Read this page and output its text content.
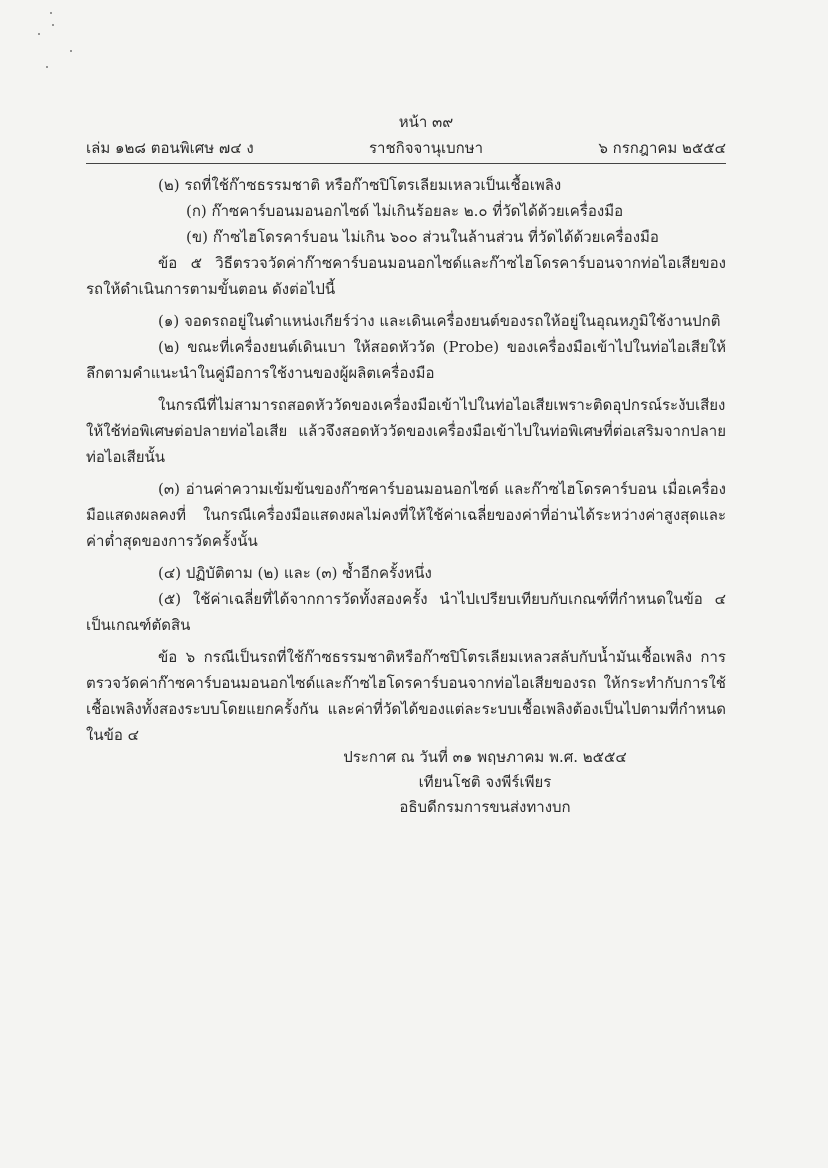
หน้า ๓๙
เล่ม ๑๒๘ ตอนพิเศษ ๗๔ ง	ราชกิจจานุเบกษา	๖ กรกฎาคม ๒๕๕๔

(๒) รถที่ใช้ก๊าซธรรมชาติ หรือก๊าซปิโตรเลียมเหลวเป็นเชื้อเพลิง

(ก) ก๊าซคาร์บอนมอนอกไซด์ ไม่เกินร้อยละ ๒.๐ ที่วัดได้ด้วยเครื่องมือ

(ข) ก๊าซไฮโดรคาร์บอน ไม่เกิน ๖๐๐ ส่วนในล้านส่วน ที่วัดได้ด้วยเครื่องมือ

ข้อ ๕ วิธีตรวจวัดค่าก๊าซคาร์บอนมอนอกไซด์และก๊าซไฮโดรคาร์บอนจากท่อไอเสียของรถให้ดำเนินการตามขั้นตอน ดังต่อไปนี้

(๑) จอดรถอยู่ในตำแหน่งเกียร์ว่าง และเดินเครื่องยนต์ของรถให้อยู่ในอุณหภูมิใช้งานปกติ

(๒) ขณะที่เครื่องยนต์เดินเบา ให้สอดหัววัด (Probe) ของเครื่องมือเข้าไปในท่อไอเสียให้ลึกตามคำแนะนำในคู่มือการใช้งานของผู้ผลิตเครื่องมือ

ในกรณีที่ไม่สามารถสอดหัววัดของเครื่องมือเข้าไปในท่อไอเสียเพราะติดอุปกรณ์ระงับเสียงให้ใช้ท่อพิเศษต่อปลายท่อไอเสีย แล้วจึงสอดหัววัดของเครื่องมือเข้าไปในท่อพิเศษที่ต่อเสริมจากปลายท่อไอเสียนั้น

(๓) อ่านค่าความเข้มข้นของก๊าซคาร์บอนมอนอกไซด์ และก๊าซไฮโดรคาร์บอน เมื่อเครื่องมือแสดงผลคงที่ ในกรณีเครื่องมือแสดงผลไม่คงที่ให้ใช้ค่าเฉลี่ยของค่าที่อ่านได้ระหว่างค่าสูงสุดและค่าต่ำสุดของการวัดครั้งนั้น

(๔) ปฏิบัติตาม (๒) และ (๓) ซ้ำอีกครั้งหนึ่ง

(๕) ใช้ค่าเฉลี่ยที่ได้จากการวัดทั้งสองครั้ง นำไปเปรียบเทียบกับเกณฑ์ที่กำหนดในข้อ ๔ เป็นเกณฑ์ตัดสิน

ข้อ ๖ กรณีเป็นรถที่ใช้ก๊าซธรรมชาติหรือก๊าซปิโตรเลียมเหลวสลับกับน้ำมันเชื้อเพลิง การตรวจวัดค่าก๊าซคาร์บอนมอนอกไซด์และก๊าซไฮโดรคาร์บอนจากท่อไอเสียของรถ ให้กระทำกับการใช้เชื้อเพลิงทั้งสองระบบโดยแยกครั้งกัน และค่าที่วัดได้ของแต่ละระบบเชื้อเพลิงต้องเป็นไปตามที่กำหนดในข้อ ๔

ประกาศ ณ วันที่ ๓๑ พฤษภาคม พ.ศ. ๒๕๕๔
เทียนโชติ จงพีร์เพียร
อธิบดีกรมการขนส่งทางบก
